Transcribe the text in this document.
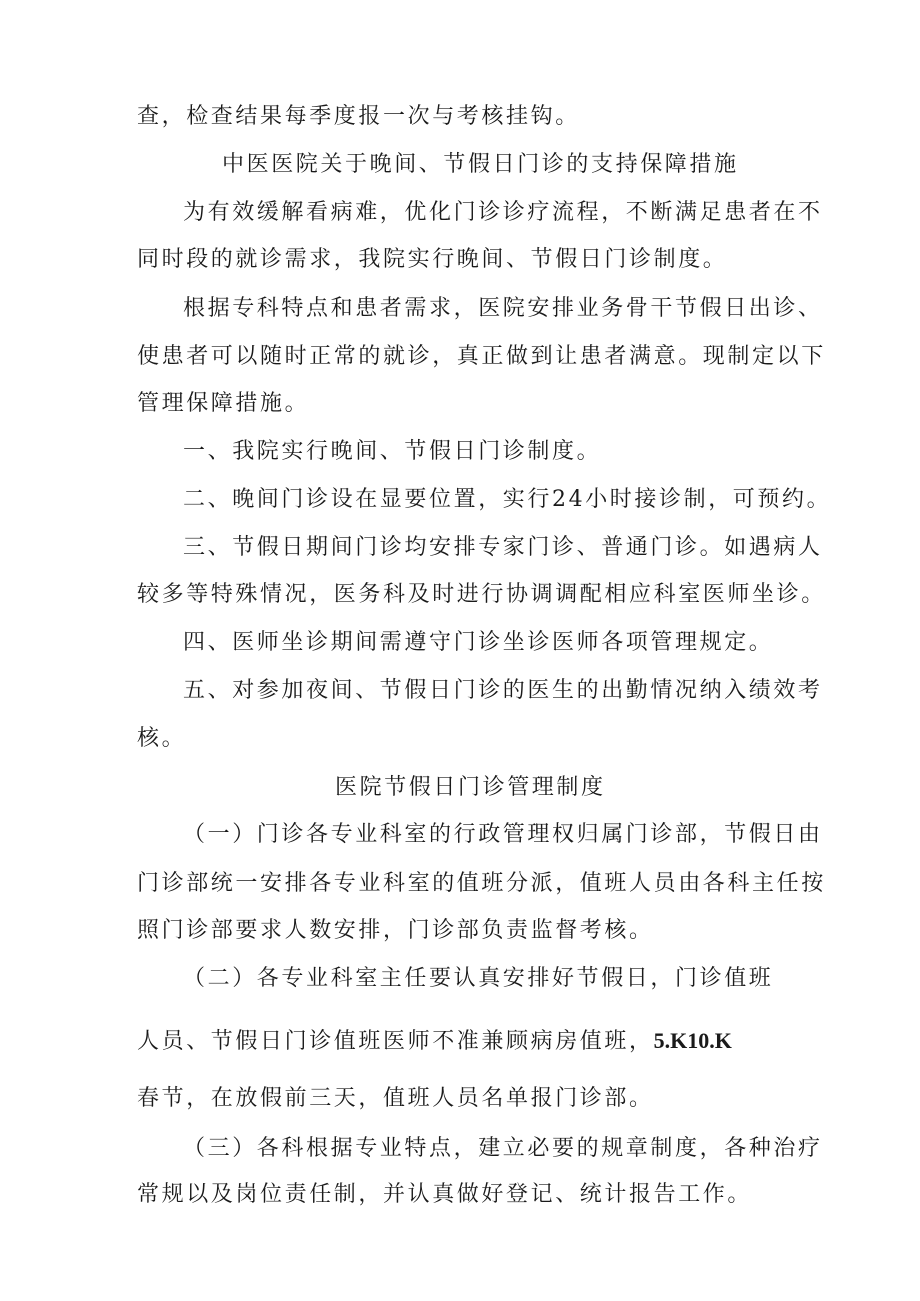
查，检查结果每季度报一次与考核挂钩。
中医医院关于晚间、节假日门诊的支持保障措施
为有效缓解看病难，优化门诊诊疗流程，不断满足患者在不
同时段的就诊需求，我院实行晚间、节假日门诊制度。
根据专科特点和患者需求，医院安排业务骨干节假日出诊、
使患者可以随时正常的就诊，真正做到让患者满意。现制定以下
管理保障措施。
一、我院实行晚间、节假日门诊制度。
二、晚间门诊设在显要位置，实行24小时接诊制，可预约。
三、节假日期间门诊均安排专家门诊、普通门诊。如遇病人
较多等特殊情况，医务科及时进行协调调配相应科室医师坐诊。
四、医师坐诊期间需遵守门诊坐诊医师各项管理规定。
五、对参加夜间、节假日门诊的医生的出勤情况纳入绩效考
核。
医院节假日门诊管理制度
（一）门诊各专业科室的行政管理权归属门诊部，节假日由
门诊部统一安排各专业科室的值班分派，值班人员由各科主任按
照门诊部要求人数安排，门诊部负责监督考核。
（二）各专业科室主任要认真安排好节假日，门诊值班
人员、节假日门诊值班医师不准兼顾病房值班，5.K10.K
春节，在放假前三天，值班人员名单报门诊部。
（三）各科根据专业特点，建立必要的规章制度，各种治疗
常规以及岗位责任制，并认真做好登记、统计报告工作。
